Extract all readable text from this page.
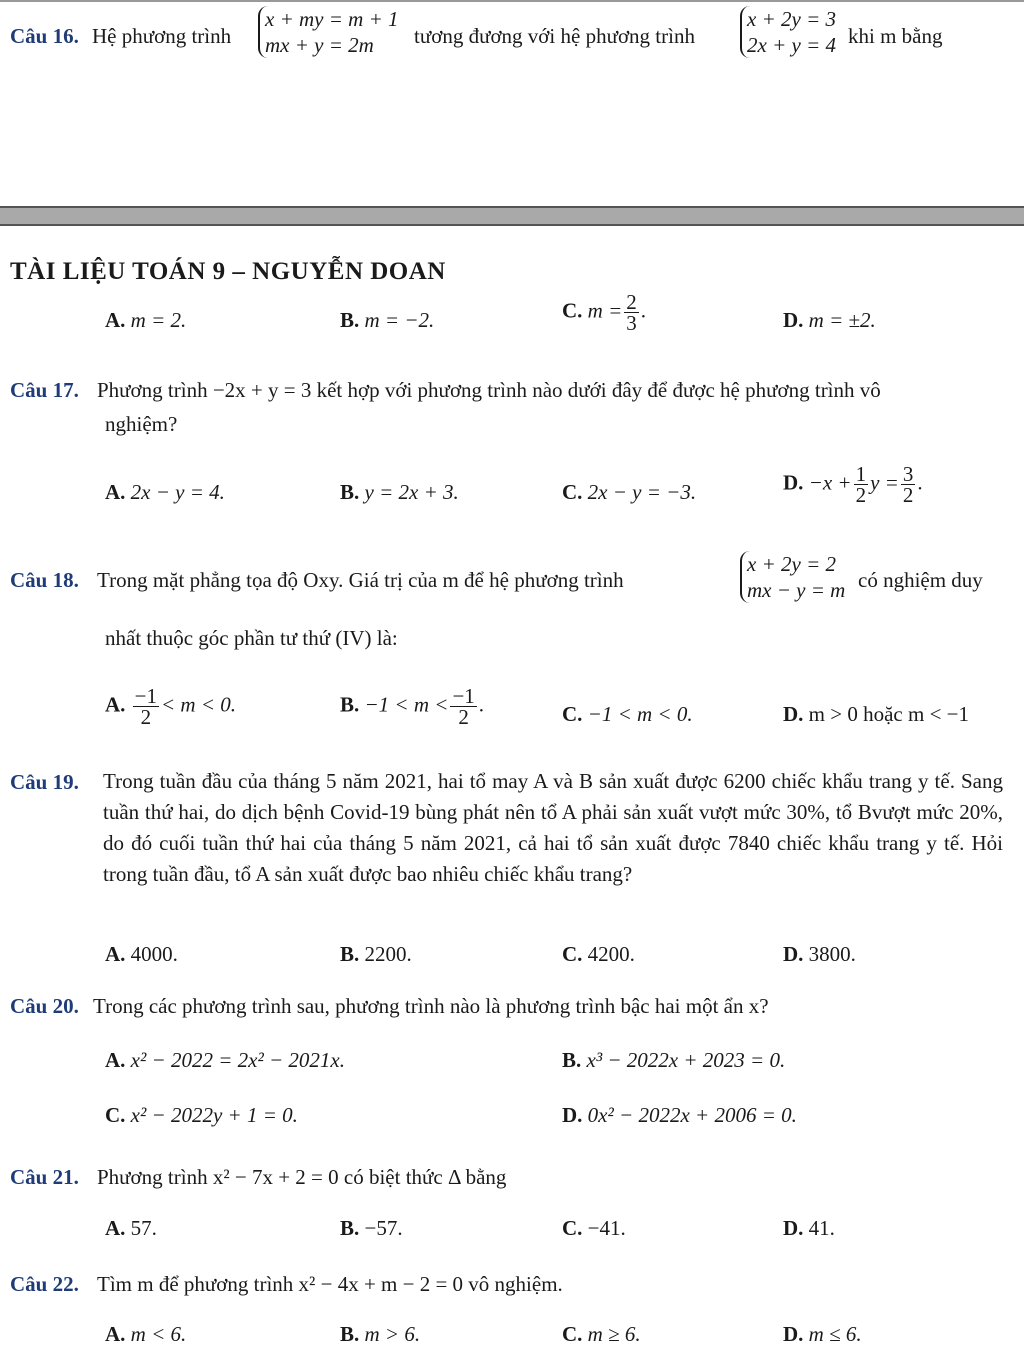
Câu 16. Hệ phương trình
x + my = m + 1
mx + y = 2m	tương đương với hệ phương trình
x + 2y = 3
2x + y = 4 khi m bằng
TÀI LIỆU TOÁN 9 – NGUYỄN DOAN
A. m = 2.	B. m = −2.	C. $m = \frac{2}{3}$ .	D. m = ±2.
Câu 17. Phương trình −2x + y = 3 kết hợp với phương trình nào dưới đây để được hệ phương trình vô
nghiệm?
A. 2x − y = 4.	B. y = 2x + 3.	C. 2x − y = −3.	D. $-x + \frac{1}{2}$ $y = \frac{3}{2}$ .
Câu 18. Trong mặt phẳng tọa độ Oxy. Giá trị của m để hệ phương trình
x + 2y = 2
mx − y = m có nghiệm duy
nhất thuộc góc phần tư thứ (IV) là:
A. $\frac{-1}{2} < m < 0$.	B. $-1 < m < \frac{-1}{2}$ .	C. −1 < m < 0.	D. m > 0 hoặc m < −1
Câu 19. Trong tuần đầu của tháng 5 năm 2021, hai tổ may A và B sản xuất được 6200 chiếc khẩu trang y tế. Sang tuần thứ hai, do dịch bệnh Covid-19 bùng phát nên tổ A phải sản xuất vượt mức 30%, tổ Bvượt mức 20%, do đó cuối tuần thứ hai của tháng 5 năm 2021, cả hai tổ sản xuất được 7840 chiếc khẩu trang y tế. Hỏi trong tuần đầu, tổ A sản xuất được bao nhiêu chiếc khẩu trang?
A. 4000.	B. 2200.	C. 4200.	D. 3800.
Câu 20. Trong các phương trình sau, phương trình nào là phương trình bậc hai một ẩn x?
A. x² − 2022 = 2x² − 2021x.	B. x³ − 2022x + 2023 = 0.
C. x² − 2022y + 1 = 0.	D. 0x² − 2022x + 2006 = 0.
Câu 21. Phương trình x² − 7x + 2 = 0 có biệt thức Δ bằng
A. 57.	B. −57.	C. −41.	D. 41.
Câu 22. Tìm m để phương trình x² − 4x + m − 2 = 0 vô nghiệm.
A. m < 6.	B. m > 6.	C. m ≥ 6.	D. m ≤ 6.
